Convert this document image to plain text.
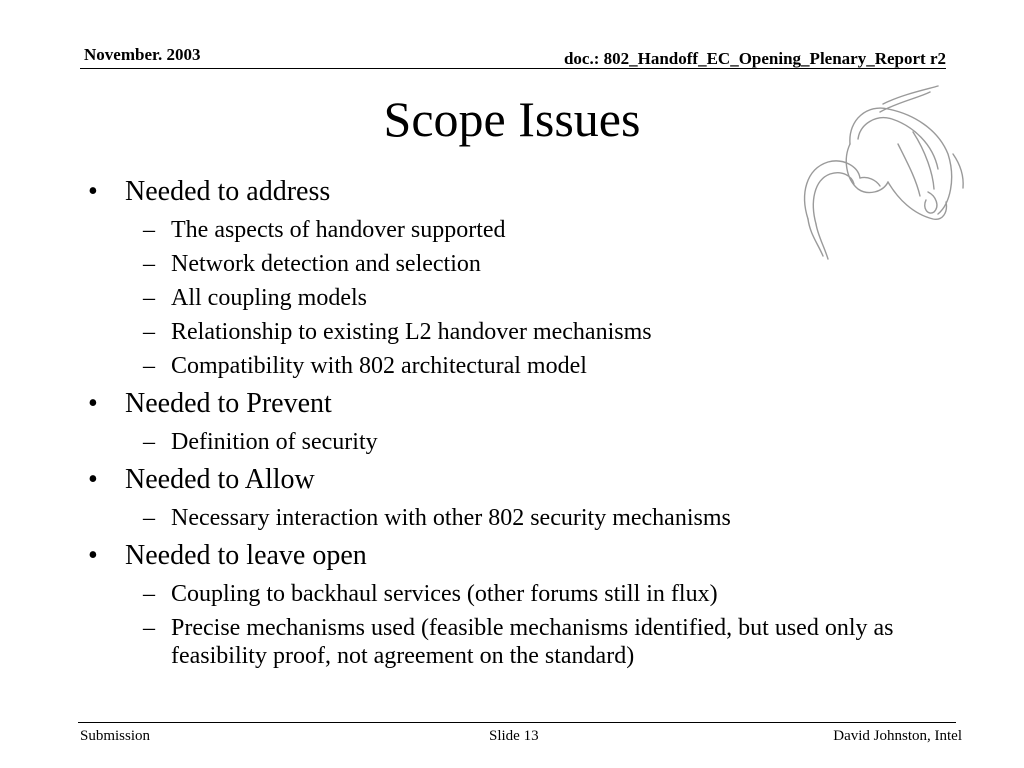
November. 2003	doc.: 802_Handoff_EC_Opening_Plenary_Report r2
Scope Issues
• Needed to address
– The aspects of handover supported
– Network detection and selection
– All coupling models
– Relationship to existing L2 handover mechanisms
– Compatibility with 802 architectural model
• Needed to Prevent
– Definition of security
• Needed to Allow
– Necessary interaction with other 802 security mechanisms
• Needed to leave open
– Coupling to backhaul services (other forums still in flux)
– Precise mechanisms used (feasible mechanisms identified, but used only as feasibility proof, not agreement on the standard)
Submission	Slide 13	David Johnston, Intel
